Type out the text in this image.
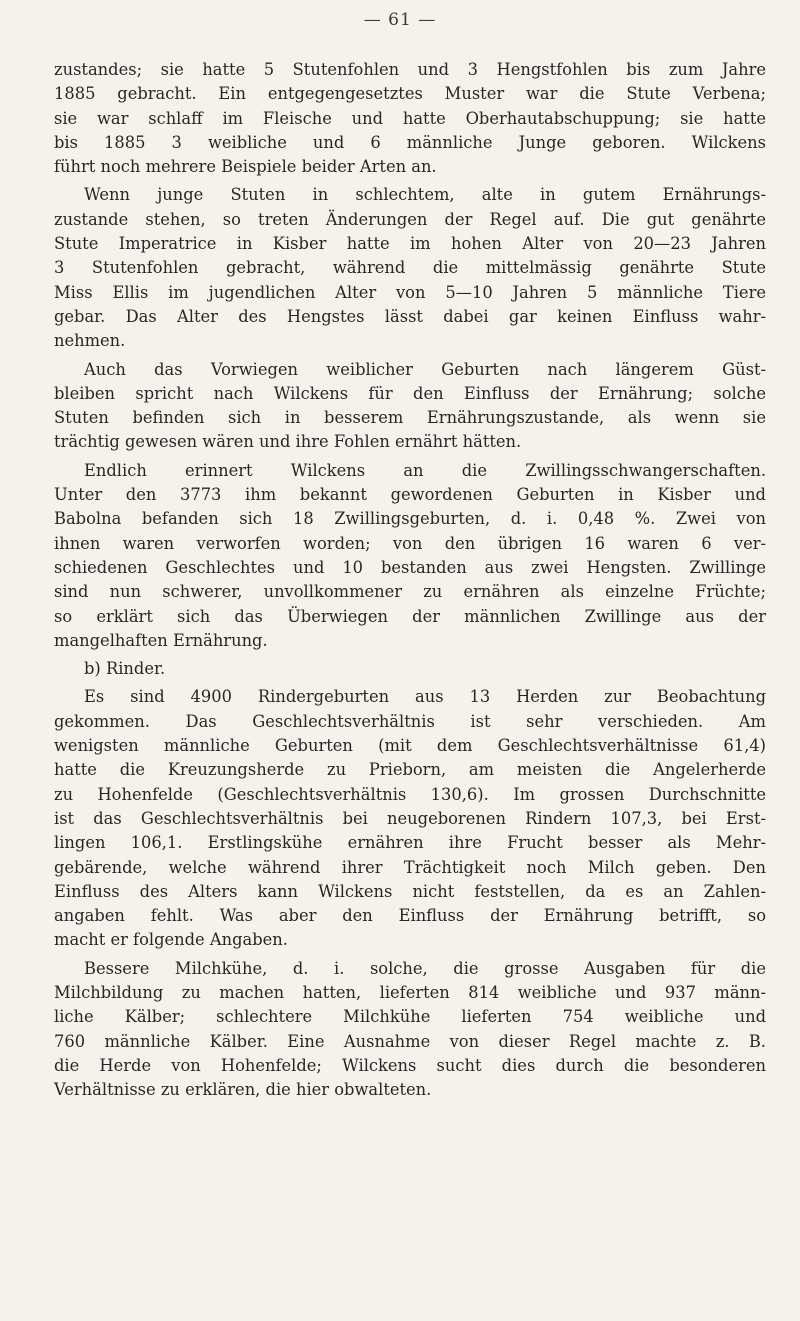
— 61 —
zustandes; sie hatte 5 Stutenfohlen und 3 Hengstfohlen bis zum Jahre
1885 gebracht. Ein entgegengesetztes Muster war die Stute Verbena;
sie war schlaff im Fleische und hatte Oberhautabschuppung; sie hatte
bis 1885 3 weibliche und 6 männliche Junge geboren. Wilckens
führt noch mehrere Beispiele beider Arten an.
Wenn junge Stuten in schlechtem, alte in gutem Ernährungs-
zustande stehen, so treten Änderungen der Regel auf. Die gut genährte
Stute Imperatrice in Kisber hatte im hohen Alter von 20—23 Jahren
3 Stutenfohlen gebracht, während die mittelmässig genährte Stute
Miss Ellis im jugendlichen Alter von 5—10 Jahren 5 männliche Tiere
gebar. Das Alter des Hengstes lässt dabei gar keinen Einfluss wahr-
nehmen.
Auch das Vorwiegen weiblicher Geburten nach längerem Güst-
bleiben spricht nach Wilckens für den Einfluss der Ernährung; solche
Stuten befinden sich in besserem Ernährungszustande, als wenn sie
trächtig gewesen wären und ihre Fohlen ernährt hätten.
Endlich erinnert Wilckens an die Zwillingsschwangerschaften.
Unter den 3773 ihm bekannt gewordenen Geburten in Kisber und
Babolna befanden sich 18 Zwillingsgeburten, d. i. 0,48 %. Zwei von
ihnen waren verworfen worden; von den übrigen 16 waren 6 ver-
schiedenen Geschlechtes und 10 bestanden aus zwei Hengsten. Zwillinge
sind nun schwerer, unvollkommener zu ernähren als einzelne Früchte;
so erklärt sich das Überwiegen der männlichen Zwillinge aus der
mangelhaften Ernährung.
b) Rinder.
Es sind 4900 Rindergeburten aus 13 Herden zur Beobachtung
gekommen. Das Geschlechtsverhältnis ist sehr verschieden. Am
wenigsten männliche Geburten (mit dem Geschlechtsverhältnisse 61,4)
hatte die Kreuzungsherde zu Prieborn, am meisten die Angelerherde
zu Hohenfelde (Geschlechtsverhältnis 130,6). Im grossen Durchschnitte
ist das Geschlechtsverhältnis bei neugeborenen Rindern 107,3, bei Erst-
lingen 106,1. Erstlingskühe ernähren ihre Frucht besser als Mehr-
gebärende, welche während ihrer Trächtigkeit noch Milch geben. Den
Einfluss des Alters kann Wilckens nicht feststellen, da es an Zahlen-
angaben fehlt. Was aber den Einfluss der Ernährung betrifft, so
macht er folgende Angaben.
Bessere Milchkühe, d. i. solche, die grosse Ausgaben für die
Milchbildung zu machen hatten, lieferten 814 weibliche und 937 männ-
liche Kälber; schlechtere Milchkühe lieferten 754 weibliche und
760 männliche Kälber. Eine Ausnahme von dieser Regel machte z. B.
die Herde von Hohenfelde; Wilckens sucht dies durch die besonderen
Verhältnisse zu erklären, die hier obwalteten.
